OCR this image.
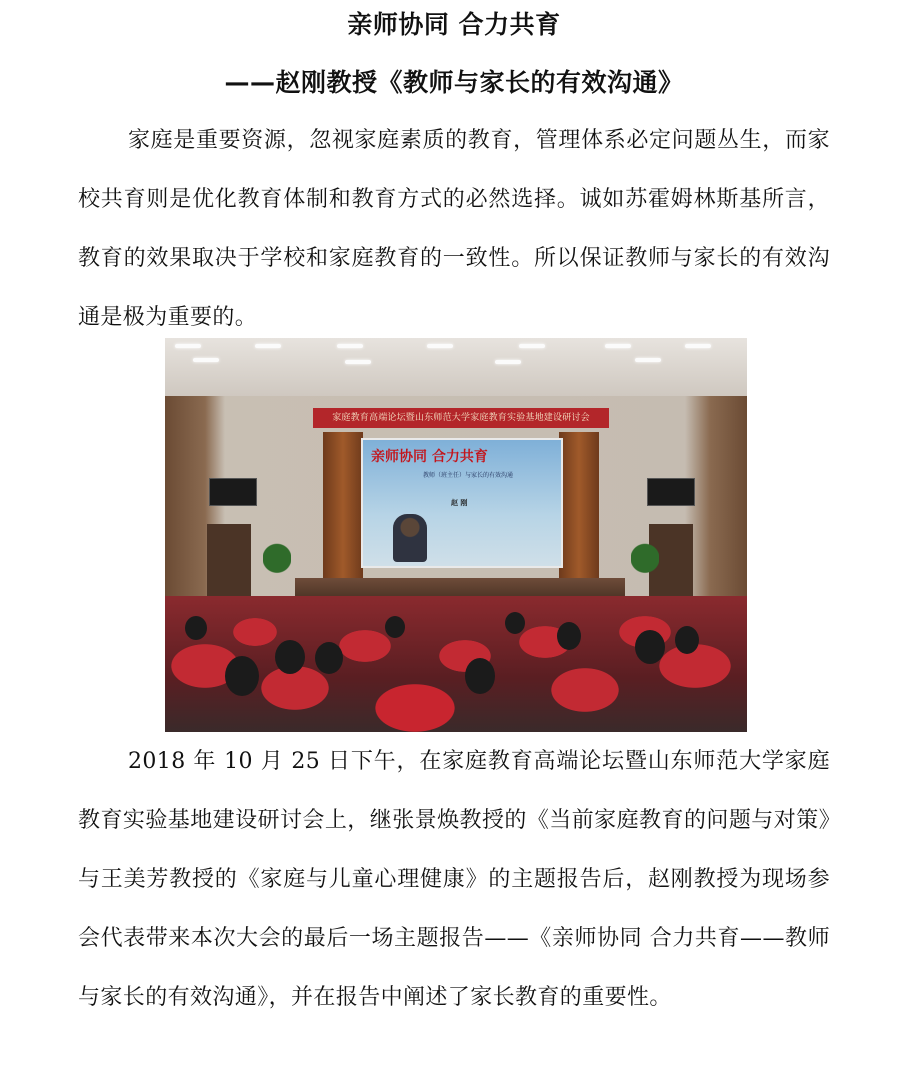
亲师协同 合力共育
——赵刚教授《教师与家长的有效沟通》

家庭是重要资源，忽视家庭素质的教育，管理体系必定问题丛生，而家校共育则是优化教育体制和教育方式的必然选择。诚如苏霍姆林斯基所言，教育的效果取决于学校和家庭教育的一致性。所以保证教师与家长的有效沟通是极为重要的。

家庭教育高端论坛暨山东师范大学家庭教育实验基地建设研讨会
亲师协同 合力共育
教师（班主任）与家长的有效沟通
赵 刚

2018 年 10 月 25 日下午，在家庭教育高端论坛暨山东师范大学家庭教育实验基地建设研讨会上，继张景焕教授的《当前家庭教育的问题与对策》与王美芳教授的《家庭与儿童心理健康》的主题报告后，赵刚教授为现场参会代表带来本次大会的最后一场主题报告——《亲师协同 合力共育——教师与家长的有效沟通》，并在报告中阐述了家长教育的重要性。
